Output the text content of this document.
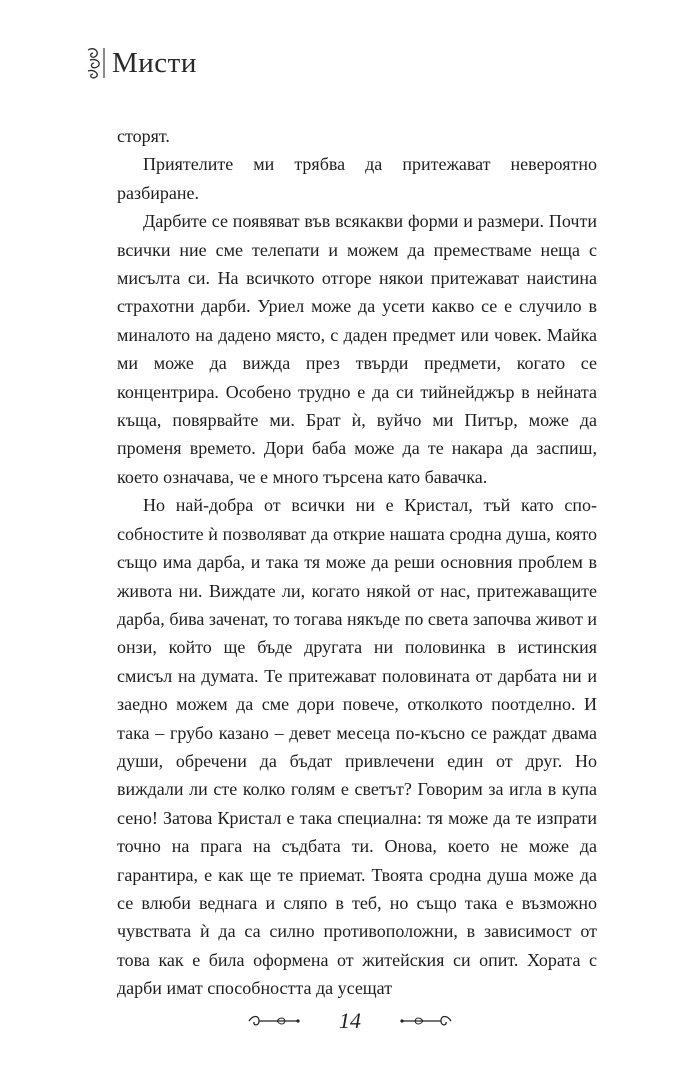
Мисти

сторят.

Приятелите ми трябва да притежават невероятно разбиране.

Дарбите се появяват във всякакви форми и размери. Почти всички ние сме телепати и можем да преместваме неща с мисълта си. На всичкото отгоре някои притежават наистина страхотни дарби. Уриел може да усети какво се е случило в миналото на дадено място, с даден предмет или човек. Майка ми може да вижда през твърди предмети, когато се концентрира. Особено трудно е да си тийнейджър в нейната къща, повярвайте ми. Брат ѝ, вуйчо ми Питър, може да променя времето. Дори баба може да те накара да заспиш, което означава, че е много търсена като бавачка.

Но най-добра от всички ни е Кристал, тъй като способностите ѝ позволяват да открие нашата сродна душа, която също има дарба, и така тя може да реши основния проблем в живота ни. Виждате ли, когато някой от нас, притежаващите дарба, бива заченат, то тогава някъде по света започва живот и онзи, който ще бъде другата ни половинка в истинския смисъл на думата. Те притежават половината от дарбата ни и заедно можем да сме дори повече, отколкото поотделно. И така – грубо казано – девет месеца по-късно се раждат двама души, обречени да бъдат привлечени един от друг. Но виждали ли сте колко голям е светът? Говорим за игла в купа сено! Затова Кристал е така специална: тя може да те изпрати точно на прага на съдбата ти. Онова, което не може да гарантира, е как ще те приемат. Твоята сродна душа може да се влюби веднага и сляпо в теб, но също така е възможно чувствата ѝ да са силно противоположни, в зависимост от това как е била оформена от житейския си опит. Хората с дарби имат способността да усещат

14
